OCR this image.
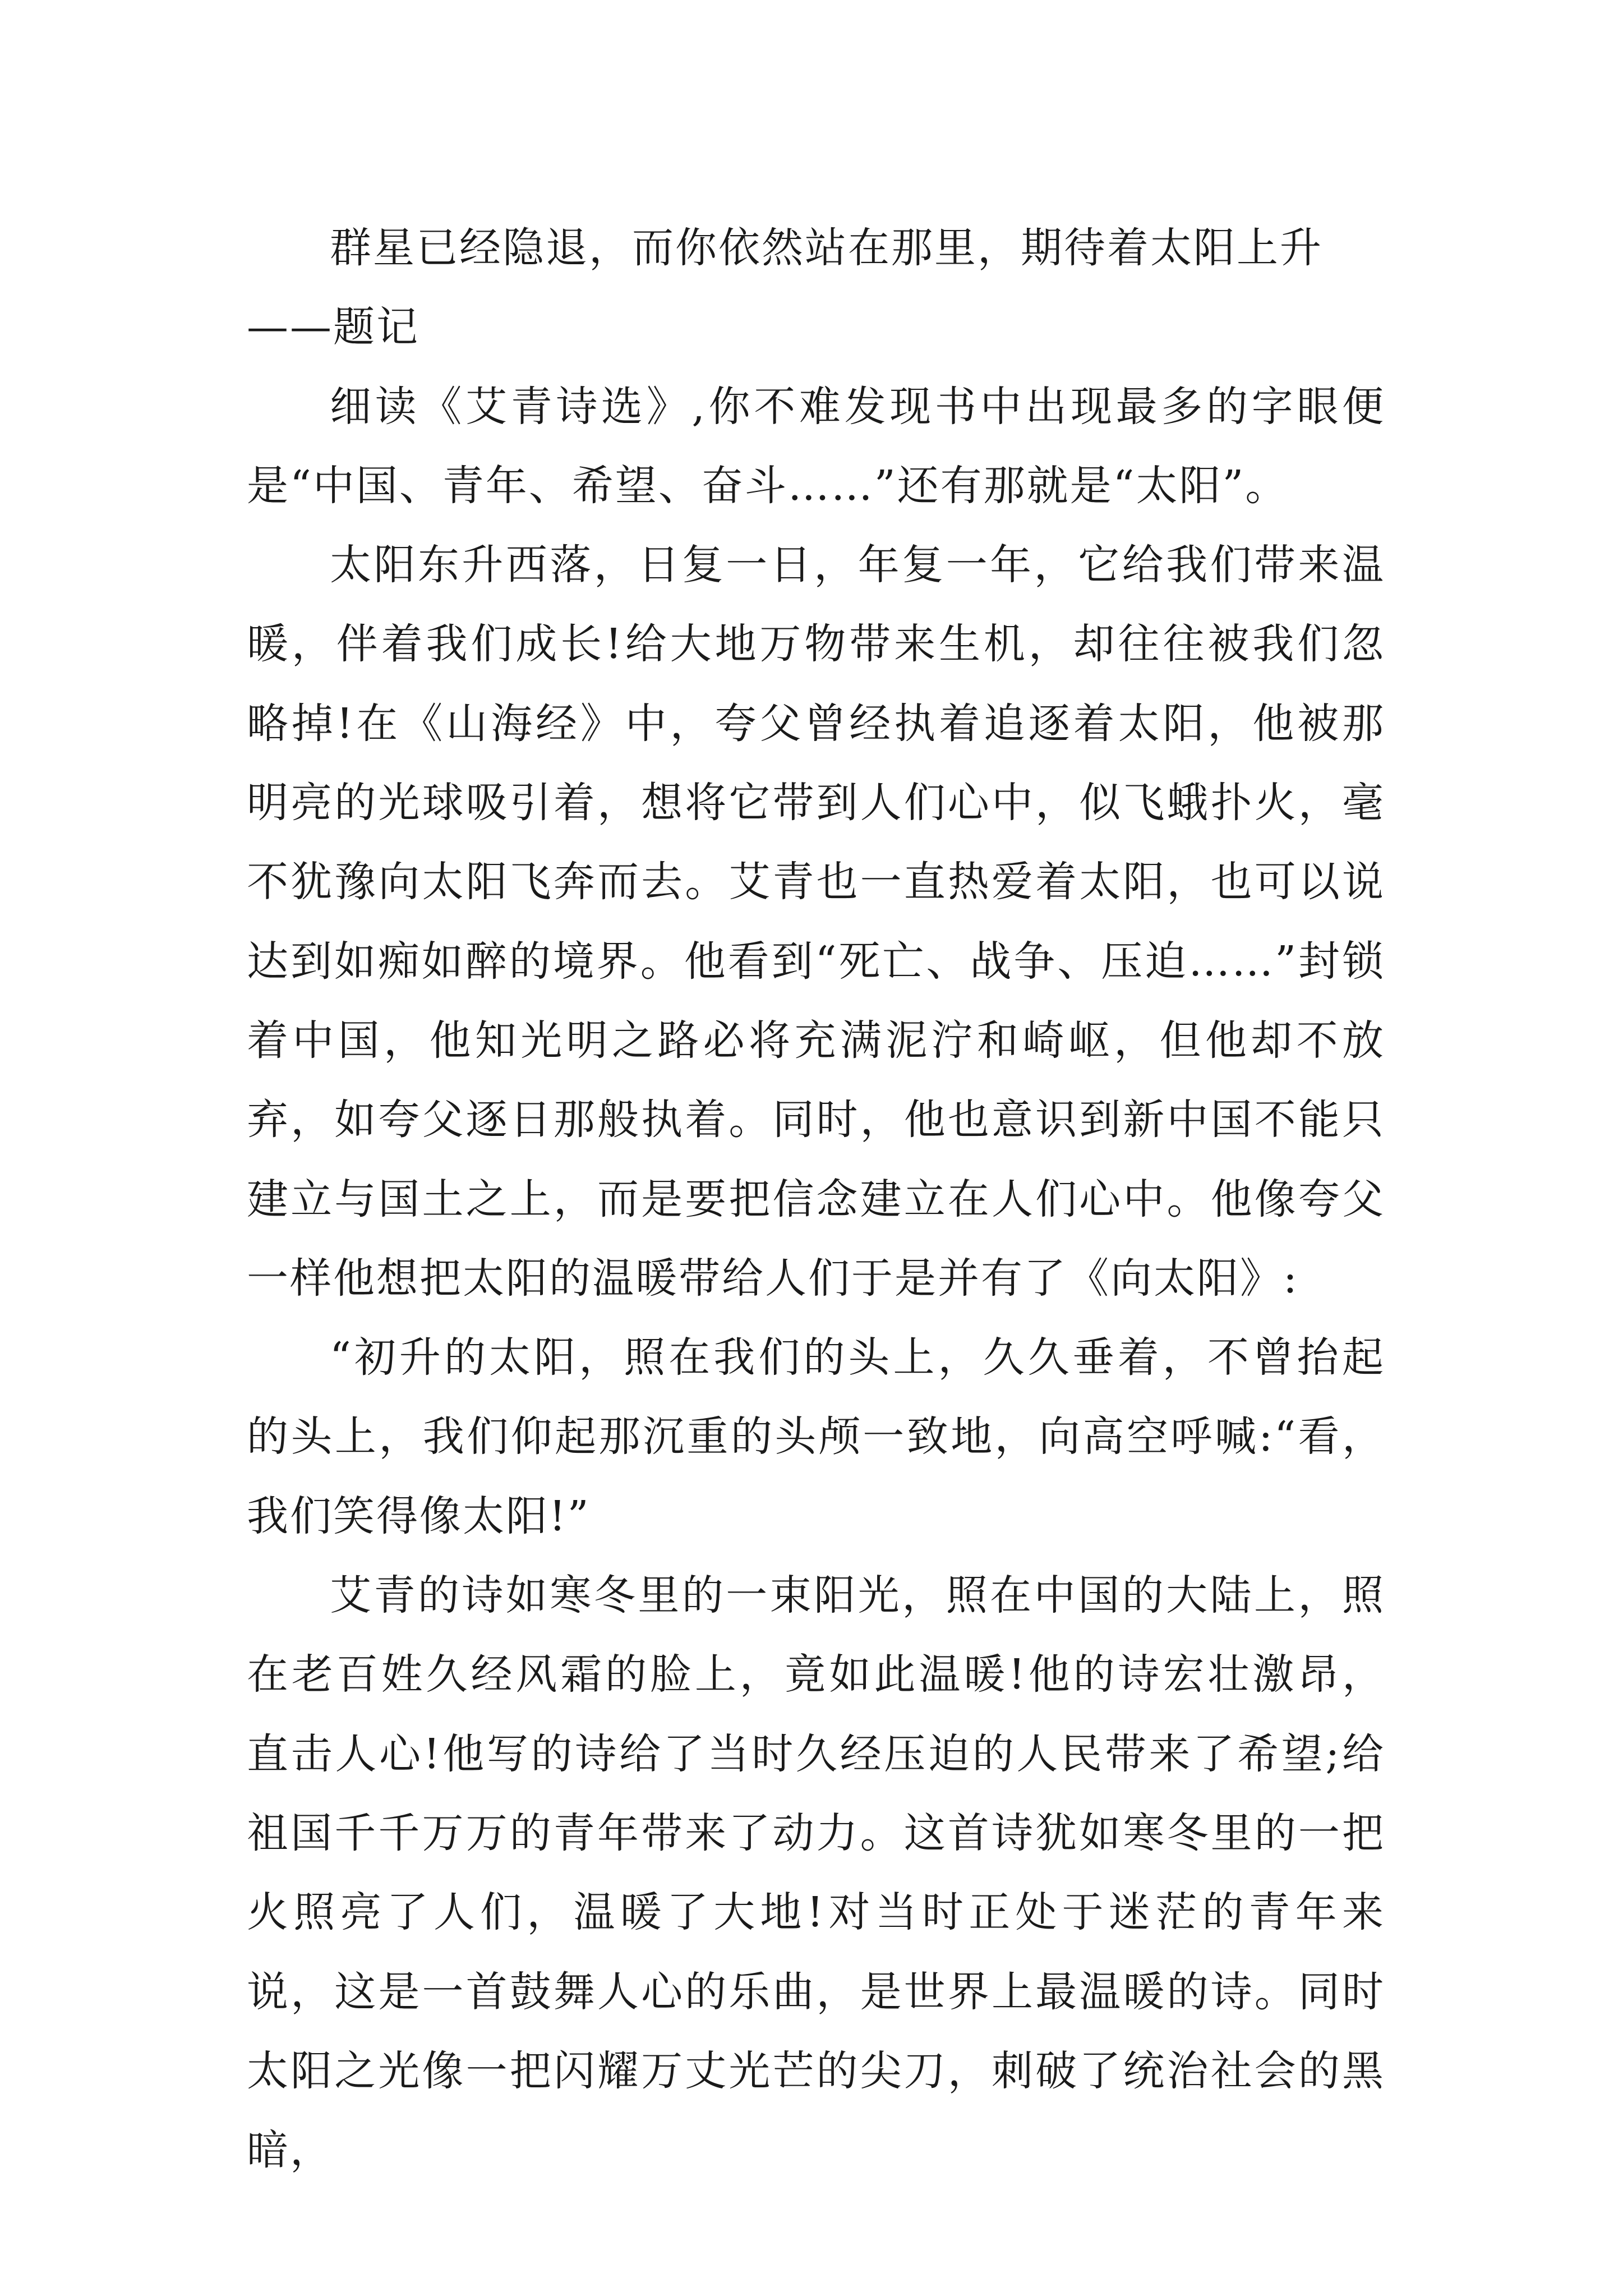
群星已经隐退，而你依然站在那里，期待着太阳上升

——题记

细读《艾青诗选》,你不难发现书中出现最多的字眼便是“中国、青年、希望、奋斗……”还有那就是“太阳”。

太阳东升西落，日复一日，年复一年，它给我们带来温暖，伴着我们成长!给大地万物带来生机，却往往被我们忽略掉!在《山海经》中，夸父曾经执着追逐着太阳，他被那明亮的光球吸引着，想将它带到人们心中，似飞蛾扑火，毫不犹豫向太阳飞奔而去。艾青也一直热爱着太阳，也可以说达到如痴如醉的境界。他看到“死亡、战争、压迫……”封锁着中国，他知光明之路必将充满泥泞和崎岖，但他却不放弃，如夸父逐日那般执着。同时，他也意识到新中国不能只建立与国土之上，而是要把信念建立在人们心中。他像夸父一样他想把太阳的温暖带给人们于是并有了《向太阳》:

“初升的太阳，照在我们的头上，久久垂着，不曾抬起的头上，我们仰起那沉重的头颅一致地，向高空呼喊:“看，我们笑得像太阳!”

艾青的诗如寒冬里的一束阳光，照在中国的大陆上，照在老百姓久经风霜的脸上，竟如此温暖!他的诗宏壮激昂，直击人心!他写的诗给了当时久经压迫的人民带来了希望;给祖国千千万万的青年带来了动力。这首诗犹如寒冬里的一把火照亮了人们，温暖了大地!对当时正处于迷茫的青年来说，这是一首鼓舞人心的乐曲，是世界上最温暖的诗。同时太阳之光像一把闪耀万丈光芒的尖刀，刺破了统治社会的黑暗，
